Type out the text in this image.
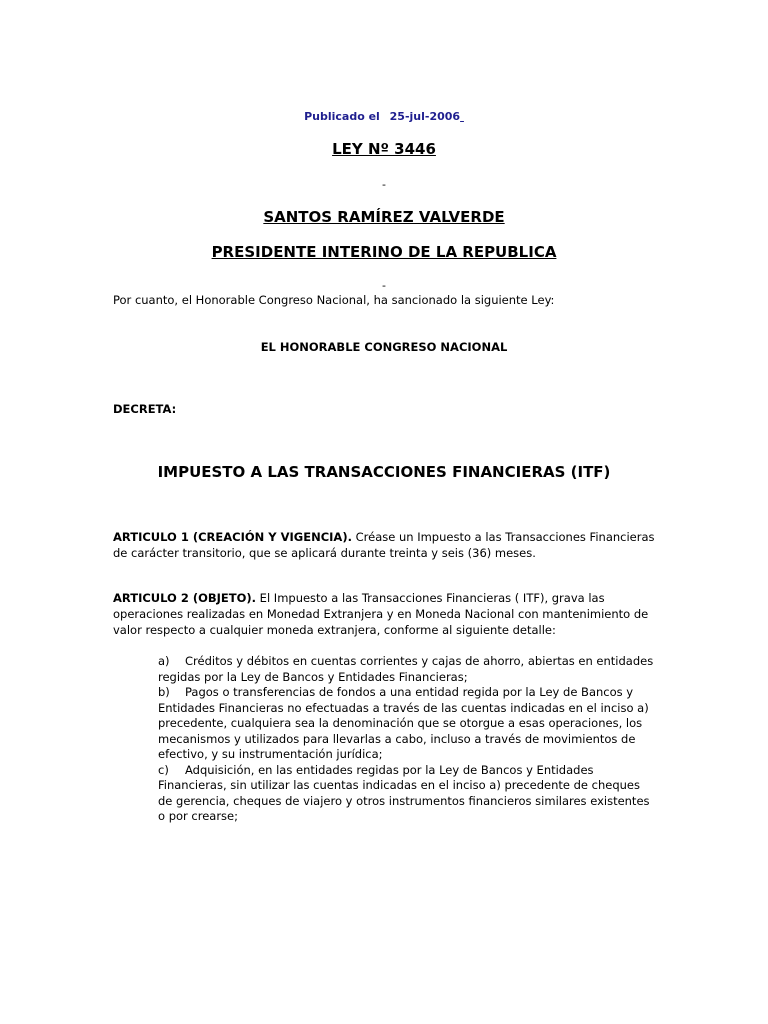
Publicado el 25-jul-2006
LEY Nº 3446
-
SANTOS RAMÍREZ VALVERDE
PRESIDENTE INTERINO DE LA REPUBLICA
-
Por cuanto, el Honorable Congreso Nacional, ha sancionado la siguiente Ley:
EL HONORABLE CONGRESO NACIONAL
DECRETA:
IMPUESTO A LAS TRANSACCIONES FINANCIERAS (ITF)
ARTICULO 1 (CREACIÓN Y VIGENCIA). Créase un Impuesto a las Transacciones Financieras de carácter transitorio, que se aplicará durante treinta y seis (36) meses.
ARTICULO 2 (OBJETO). El Impuesto a las Transacciones Financieras ( ITF), grava las operaciones realizadas en Monedad Extranjera y en Moneda Nacional con mantenimiento de valor respecto a cualquier moneda extranjera, conforme al siguiente detalle:
a) Créditos y débitos en cuentas corrientes y cajas de ahorro, abiertas en entidades regidas por la Ley de Bancos y Entidades Financieras;
b) Pagos o transferencias de fondos a una entidad regida por la Ley de Bancos y Entidades Financieras no efectuadas a través de las cuentas indicadas en el inciso a) precedente, cualquiera sea la denominación que se otorgue a esas operaciones, los mecanismos y utilizados para llevarlas a cabo, incluso a través de movimientos de efectivo, y su instrumentación jurídica;
c) Adquisición, en las entidades regidas por la Ley de Bancos y Entidades Financieras, sin utilizar las cuentas indicadas en el inciso a) precedente de cheques de gerencia, cheques de viajero y otros instrumentos financieros similares existentes o por crearse;
